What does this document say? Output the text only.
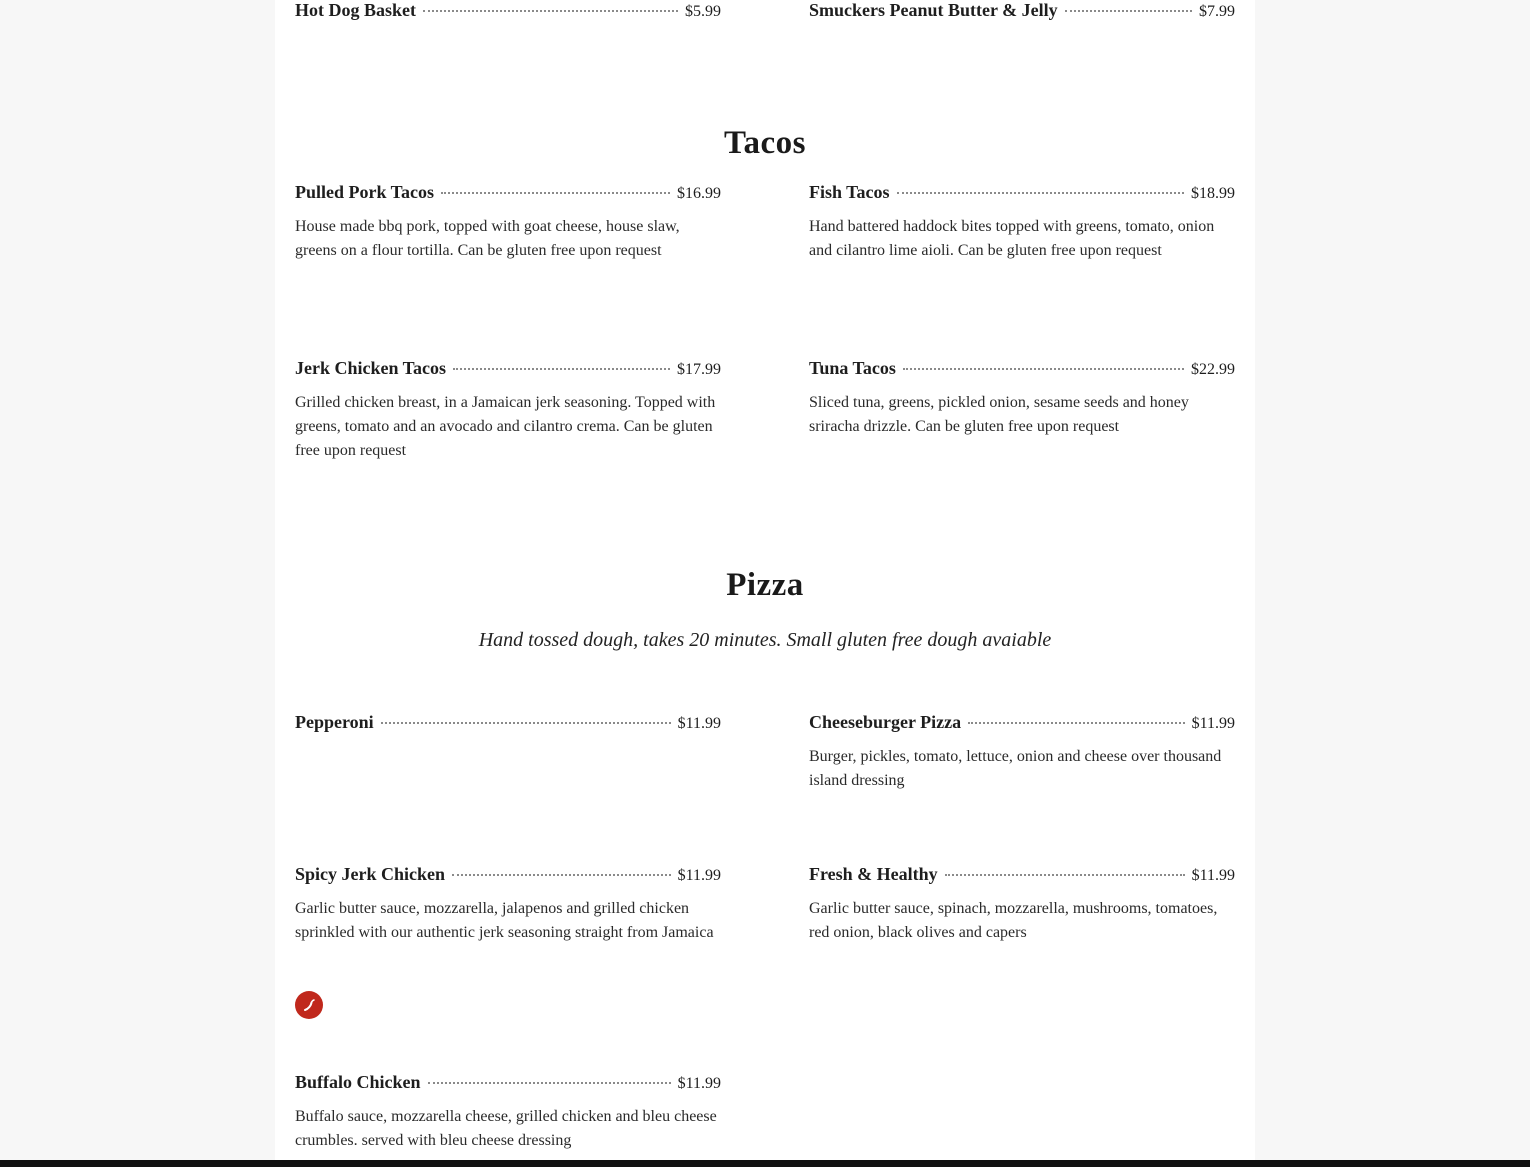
Hot Dog Basket	$5.99	Smuckers Peanut Butter & Jelly	$7.99
Tacos
Pulled Pork Tacos	$16.99
House made bbq pork, topped with goat cheese, house slaw, greens on a flour tortilla. Can be gluten free upon request
Fish Tacos	$18.99
Hand battered haddock bites topped with greens, tomato, onion and cilantro lime aioli. Can be gluten free upon request
Jerk Chicken Tacos	$17.99
Grilled chicken breast, in a Jamaican jerk seasoning. Topped with greens, tomato and an avocado and cilantro crema. Can be gluten free upon request
Tuna Tacos	$22.99
Sliced tuna, greens, pickled onion, sesame seeds and honey sriracha drizzle. Can be gluten free upon request
Pizza
Hand tossed dough, takes 20 minutes. Small gluten free dough avaiable
Pepperoni	$11.99	Cheeseburger Pizza	$11.99
Burger, pickles, tomato, lettuce, onion and cheese over thousand island dressing
Spicy Jerk Chicken	$11.99
Garlic butter sauce, mozzarella, jalapenos and grilled chicken sprinkled with our authentic jerk seasoning straight from Jamaica
Fresh & Healthy	$11.99
Garlic butter sauce, spinach, mozzarella, mushrooms, tomatoes, red onion, black olives and capers
Buffalo Chicken	$11.99
Buffalo sauce, mozzarella cheese, grilled chicken and bleu cheese crumbles. served with bleu cheese dressing
